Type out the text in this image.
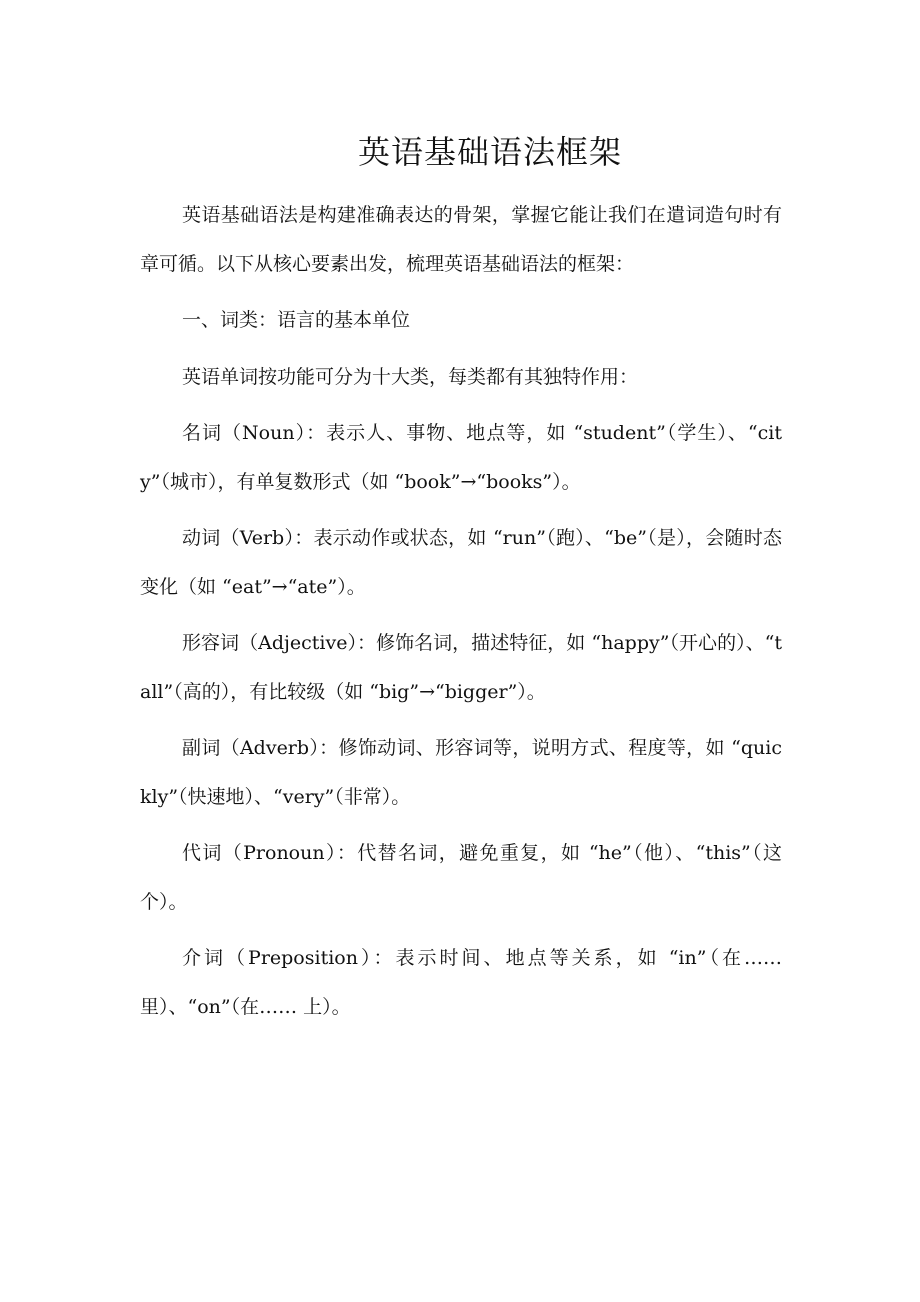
英语基础语法框架

英语基础语法是构建准确表达的骨架，掌握它能让我们在遣词造句时有章可循。以下从核心要素出发，梳理英语基础语法的框架：

一、词类：语言的基本单位

英语单词按功能可分为十大类，每类都有其独特作用：

名词（Noun）：表示人、事物、地点等，如 “student”（学生）、“city”（城市），有单复数形式（如 “book”→“books”）。

动词（Verb）：表示动作或状态，如 “run”（跑）、“be”（是），会随时态变化（如 “eat”→“ate”）。

形容词（Adjective）：修饰名词，描述特征，如 “happy”（开心的）、“tall”（高的），有比较级（如 “big”→“bigger”）。

副词（Adverb）：修饰动词、形容词等，说明方式、程度等，如 “quickly”（快速地）、“very”（非常）。

代词（Pronoun）：代替名词，避免重复，如 “he”（他）、“this”（这个）。

介词（Preposition）：表示时间、地点等关系，如 “in”（在…… 里）、“on”（在…… 上）。
